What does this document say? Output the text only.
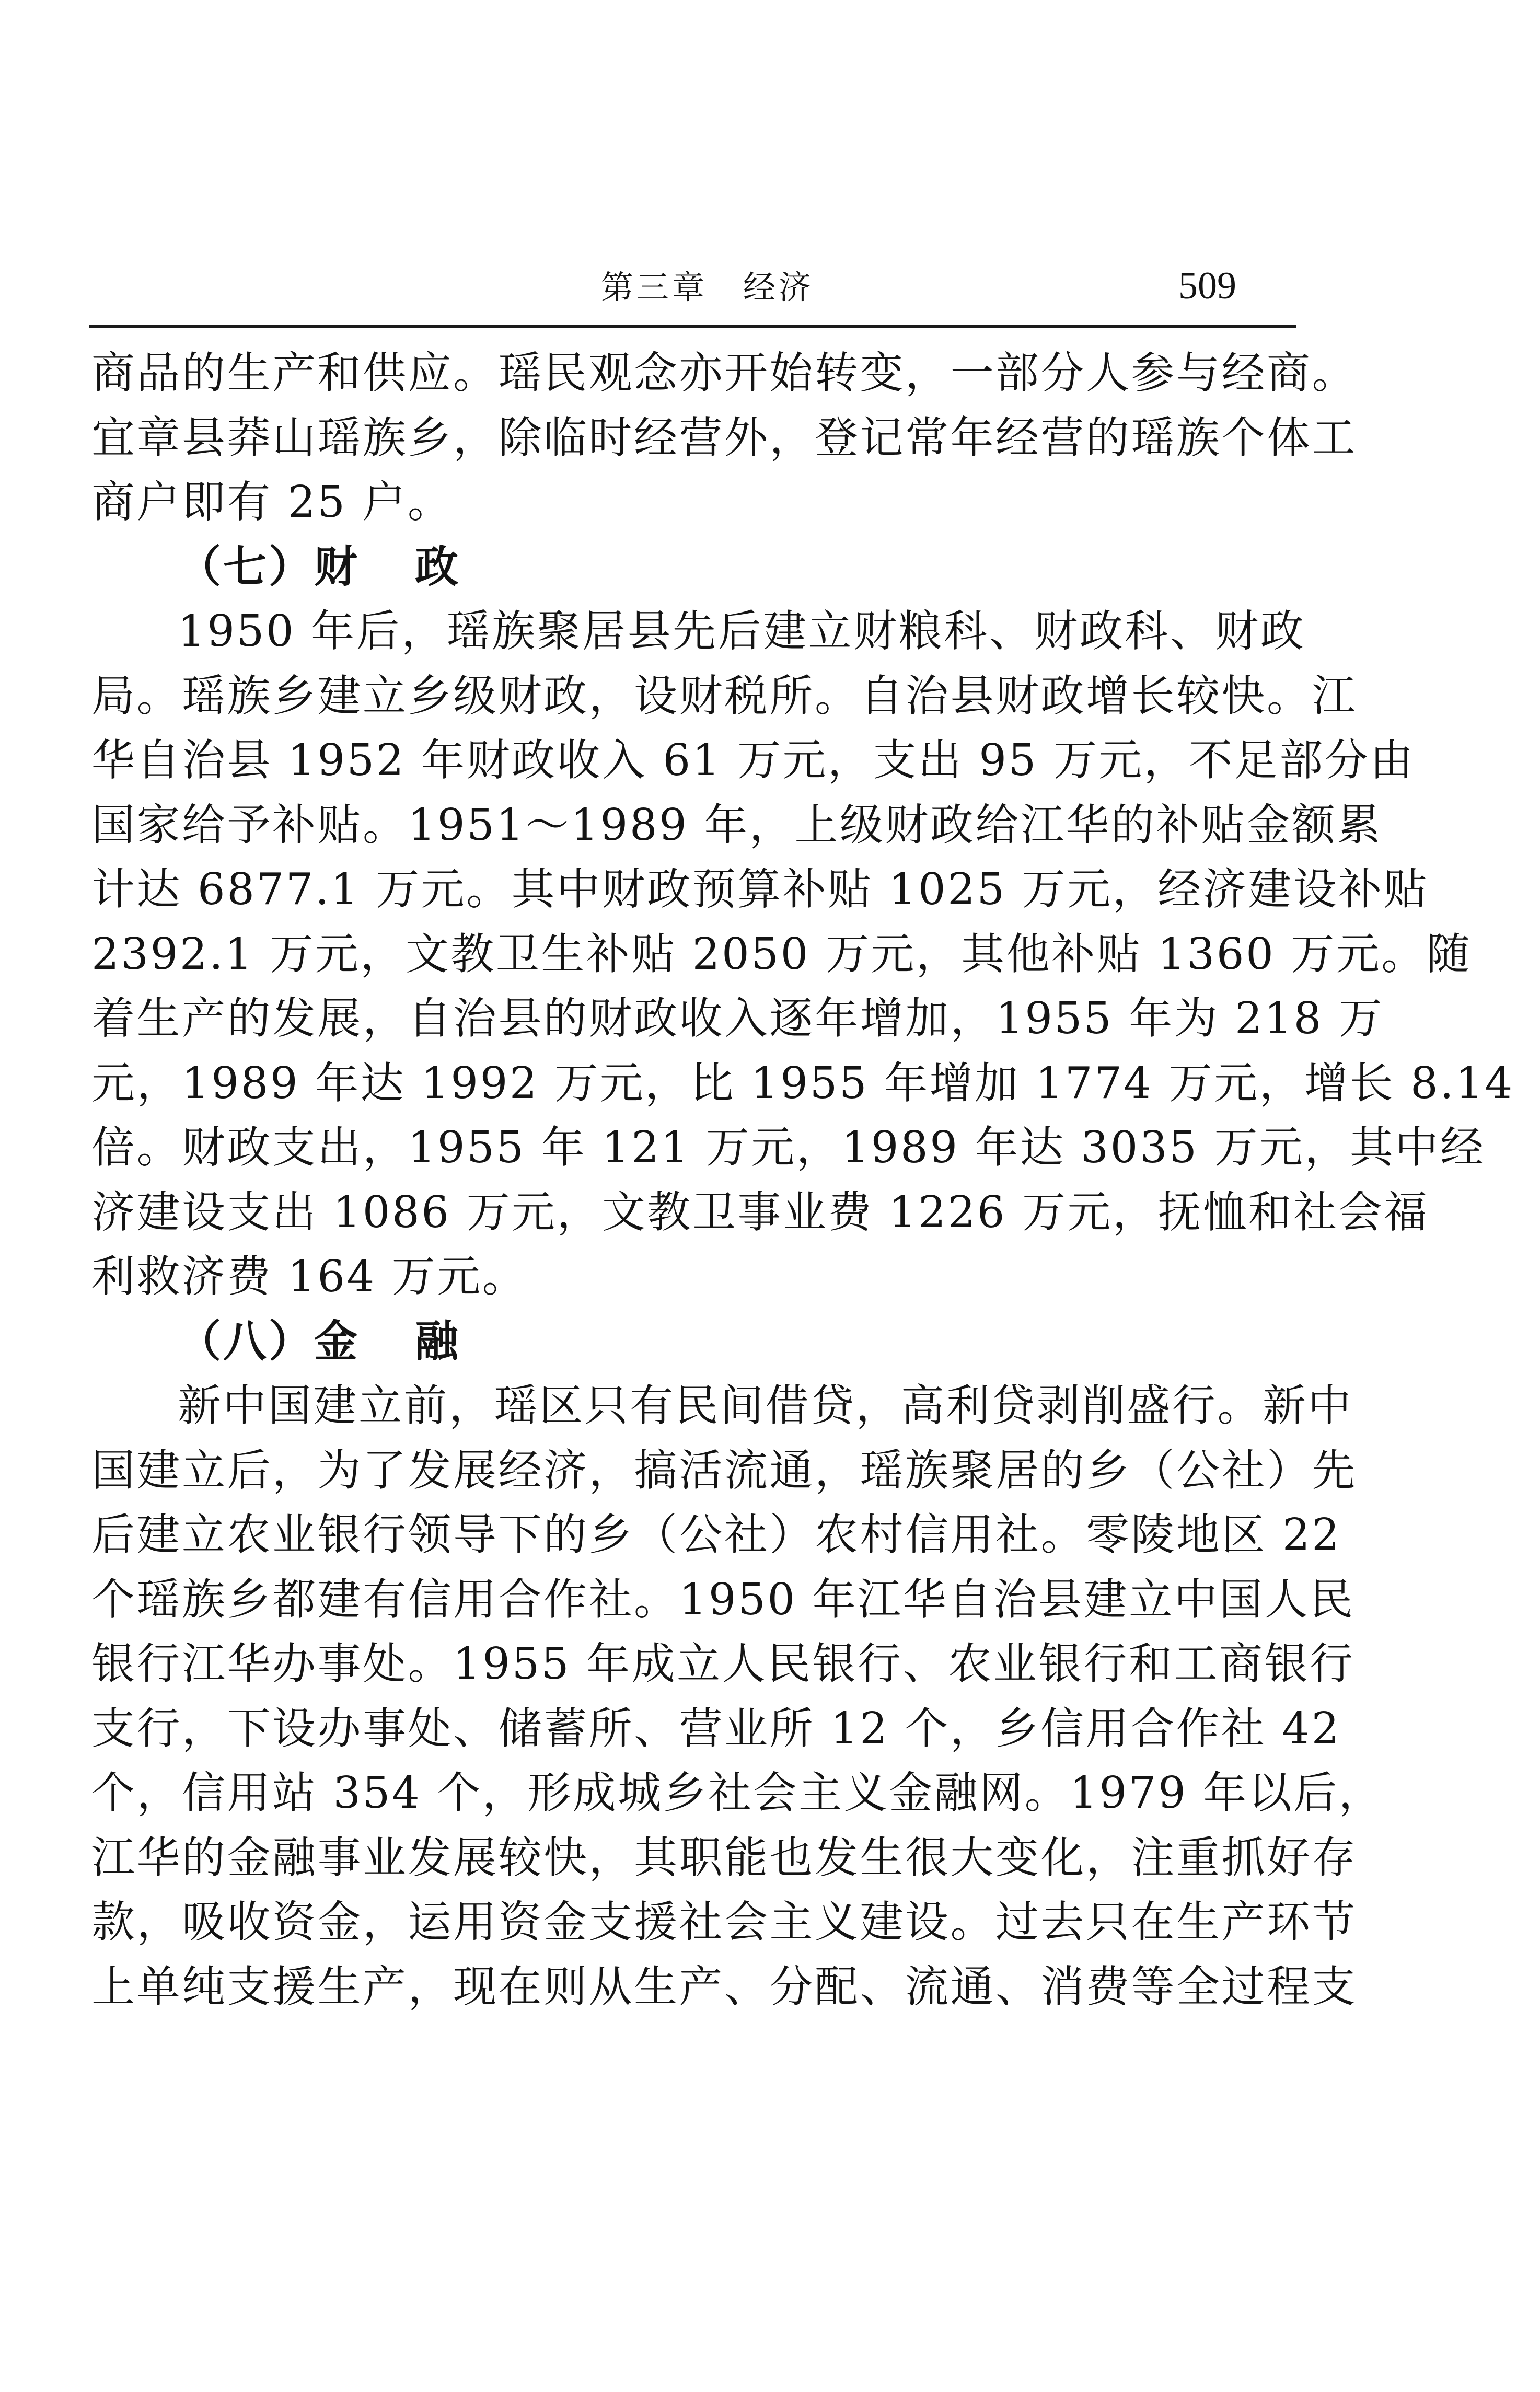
第三章　经济	509
商品的生产和供应。瑶民观念亦开始转变，一部分人参与经商。
宜章县莽山瑶族乡，除临时经营外，登记常年经营的瑶族个体工
商户即有 25 户。
（七）财政
1950 年后，瑶族聚居县先后建立财粮科、财政科、财政
局。瑶族乡建立乡级财政，设财税所。自治县财政增长较快。江
华自治县 1952 年财政收入 61 万元，支出 95 万元，不足部分由
国家给予补贴。1951～1989 年，上级财政给江华的补贴金额累
计达 6877.1 万元。其中财政预算补贴 1025 万元，经济建设补贴
2392.1 万元，文教卫生补贴 2050 万元，其他补贴 1360 万元。随
着生产的发展，自治县的财政收入逐年增加，1955 年为 218 万
元，1989 年达 1992 万元，比 1955 年增加 1774 万元，增长 8.14
倍。财政支出，1955 年 121 万元，1989 年达 3035 万元，其中经
济建设支出 1086 万元，文教卫事业费 1226 万元，抚恤和社会福
利救济费 164 万元。
（八）金融
新中国建立前，瑶区只有民间借贷，高利贷剥削盛行。新中
国建立后，为了发展经济，搞活流通，瑶族聚居的乡（公社）先
后建立农业银行领导下的乡（公社）农村信用社。零陵地区 22
个瑶族乡都建有信用合作社。1950 年江华自治县建立中国人民
银行江华办事处。1955 年成立人民银行、农业银行和工商银行
支行，下设办事处、储蓄所、营业所 12 个，乡信用合作社 42
个，信用站 354 个，形成城乡社会主义金融网。1979 年以后，
江华的金融事业发展较快，其职能也发生很大变化，注重抓好存
款，吸收资金，运用资金支援社会主义建设。过去只在生产环节
上单纯支援生产，现在则从生产、分配、流通、消费等全过程支
